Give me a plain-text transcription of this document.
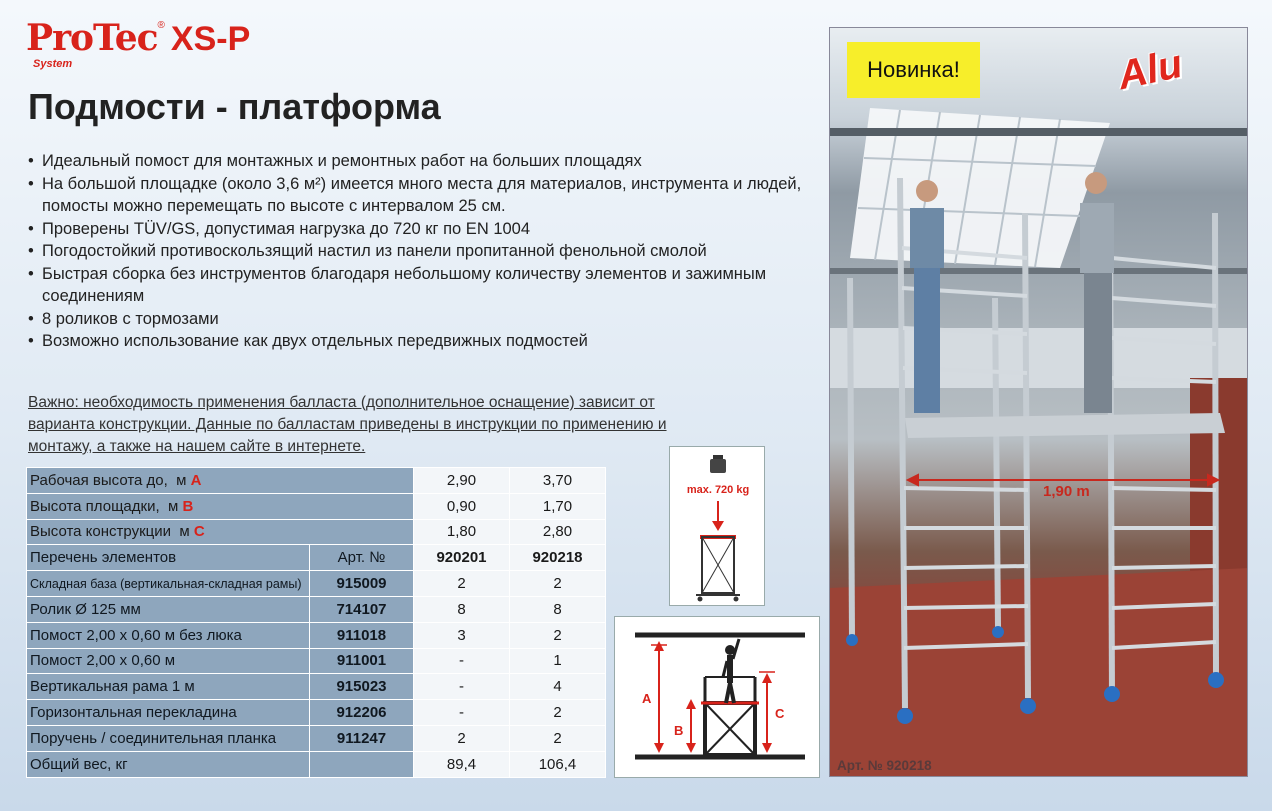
ProTec® XS-P
System
Подмости - платформа
• Идеальный помост для монтажных и ремонтных работ на больших площадях
• На большой площадке (около 3,6 м²) имеется много места для материалов, инструмента и людей, помосты можно перемещать по высоте с интервалом 25 см.
• Проверены TÜV/GS, допустимая нагрузка до 720 кг по EN 1004
• Погодостойкий противоскользящий настил из панели пропитанной фенольной смолой
• Быстрая сборка без инструментов благодаря небольшому количеству элементов и зажимным соединениям
• 8 роликов с тормозами
• Возможно использование как двух отдельных передвижных подмостей

Важно: необходимость применения балласта (дополнительное оснащение) зависит от варианта конструкции. Данные по балластам приведены в инструкции по применению и монтажу, а также на нашем сайте в интернете.

Рабочая высота до, м A		2,90	3,70
Высота площадки, м B		0,90	1,70
Высота конструкции м C		1,80	2,80
Перечень элементов	Арт. №	920201	920218
Складная база (вертикальная-складная рамы)	915009	2	2
Ролик Ø 125 мм	714107	8	8
Помост 2,00 х 0,60 м без люка	911018	3	2
Помост 2,00 х 0,60 м	911001	-	1
Вертикальная рама 1 м	915023	-	4
Горизонтальная перекладина	912206	-	2
Поручень / соединительная планка	911247	2	2
Общий вес, кг		89,4	106,4
max. 720 kg
A
B
C
Новинка!	Alu
1,90 m
Арт. № 920218
